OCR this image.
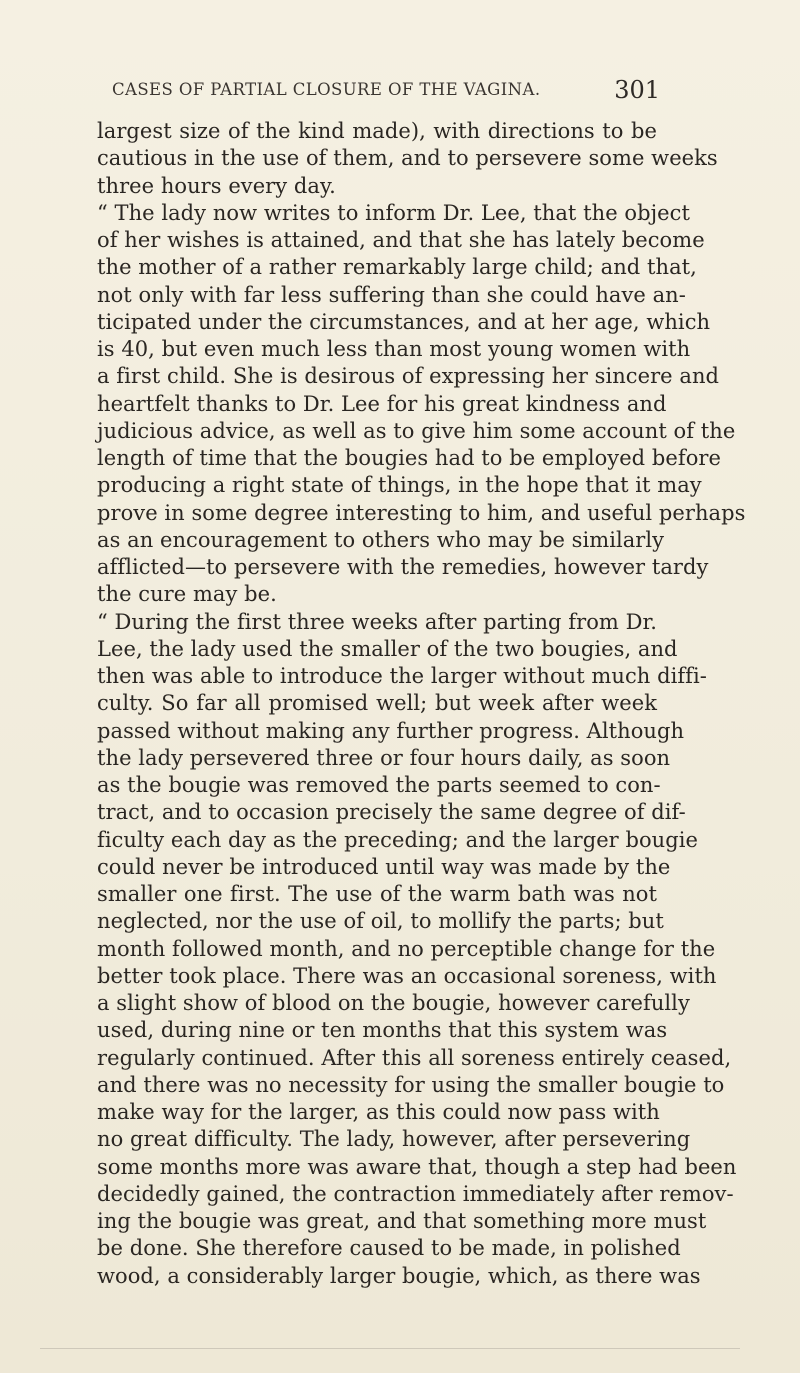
CASES OF PARTIAL CLOSURE OF THE VAGINA.	301
largest size of the kind made), with directions to be
cautious in the use of them, and to persevere some weeks
three hours every day.
“ The lady now writes to inform Dr. Lee, that the object
of her wishes is attained, and that she has lately become
the mother of a rather remarkably large child; and that,
not only with far less suffering than she could have an-
ticipated under the circumstances, and at her age, which
is 40, but even much less than most young women with
a first child. She is desirous of expressing her sincere and
heartfelt thanks to Dr. Lee for his great kindness and
judicious advice, as well as to give him some account of the
length of time that the bougies had to be employed before
producing a right state of things, in the hope that it may
prove in some degree interesting to him, and useful perhaps
as an encouragement to others who may be similarly
afflicted—to persevere with the remedies, however tardy
the cure may be.
“ During the first three weeks after parting from Dr.
Lee, the lady used the smaller of the two bougies, and
then was able to introduce the larger without much diffi-
culty. So far all promised well; but week after week
passed without making any further progress. Although
the lady persevered three or four hours daily, as soon
as the bougie was removed the parts seemed to con-
tract, and to occasion precisely the same degree of dif-
ficulty each day as the preceding; and the larger bougie
could never be introduced until way was made by the
smaller one first. The use of the warm bath was not
neglected, nor the use of oil, to mollify the parts; but
month followed month, and no perceptible change for the
better took place. There was an occasional soreness, with
a slight show of blood on the bougie, however carefully
used, during nine or ten months that this system was
regularly continued. After this all soreness entirely ceased,
and there was no necessity for using the smaller bougie to
make way for the larger, as this could now pass with
no great difficulty. The lady, however, after persevering
some months more was aware that, though a step had been
decidedly gained, the contraction immediately after remov-
ing the bougie was great, and that something more must
be done. She therefore caused to be made, in polished
wood, a considerably larger bougie, which, as there was
